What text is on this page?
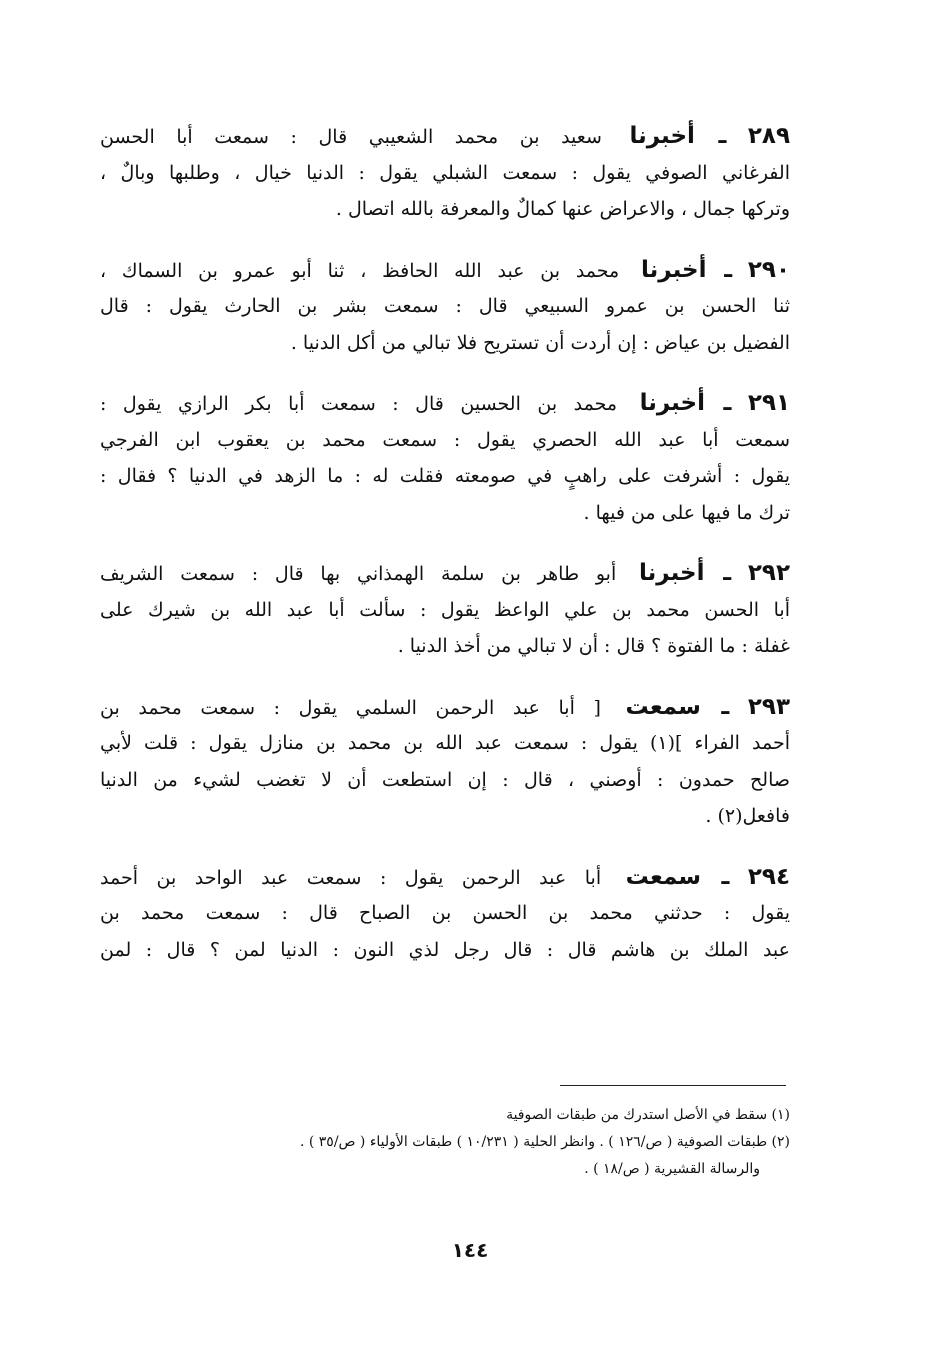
٢٨٩ ـ أخبرنا سعيد بن محمد الشعيبي قال : سمعت أبا الحسن
الفرغاني الصوفي يقول : سمعت الشبلي يقول : الدنيا خيال ، وطلبها وبالٌ ،
وتركها جمال ، والاعراض عنها كمالٌ والمعرفة بالله اتصال .
٢٩٠ ـ أخبرنا محمد بن عبد الله الحافظ ، ثنا أبو عمرو بن السماك ،
ثنا الحسن بن عمرو السبيعي قال : سمعت بشر بن الحارث يقول : قال
الفضيل بن عياض : إن أردت أن تستريح فلا تبالي من أكل الدنيا .
٢٩١ ـ أخبرنا محمد بن الحسين قال : سمعت أبا بكر الرازي يقول :
سمعت أبا عبد الله الحصري يقول : سمعت محمد بن يعقوب ابن الفرجي
يقول : أشرفت على راهبٍ في صومعته فقلت له : ما الزهد في الدنيا ؟ فقال :
ترك ما فيها على من فيها .
٢٩٢ ـ أخبرنا أبو طاهر بن سلمة الهمذاني بها قال : سمعت الشريف
أبا الحسن محمد بن علي الواعظ يقول : سألت أبا عبد الله بن شيرك على
غفلة : ما الفتوة ؟ قال : أن لا تبالي من أخذ الدنيا .
٢٩٣ ـ سمعت [ أبا عبد الرحمن السلمي يقول : سمعت محمد بن
أحمد الفراء ](١) يقول : سمعت عبد الله بن محمد بن منازل يقول : قلت لأبي
صالح حمدون : أوصني ، قال : إن استطعت أن لا تغضب لشيء من الدنيا
فافعل(٢) .
٢٩٤ ـ سمعت أبا عبد الرحمن يقول : سمعت عبد الواحد بن أحمد
يقول : حدثني محمد بن الحسن بن الصباح قال : سمعت محمد بن
عبد الملك بن هاشم قال : قال رجل لذي النون : الدنيا لمن ؟ قال : لمن
(١) سقط في الأصل استدرك من طبقات الصوفية
(٢) طبقات الصوفية ( ص/١٢٦ ) . وانظر الحلية ( ١٠/٢٣١ ) طبقات الأولياء ( ص/٣٥ ) .
والرسالة القشيرية ( ص/١٨ ) .
١٤٤
